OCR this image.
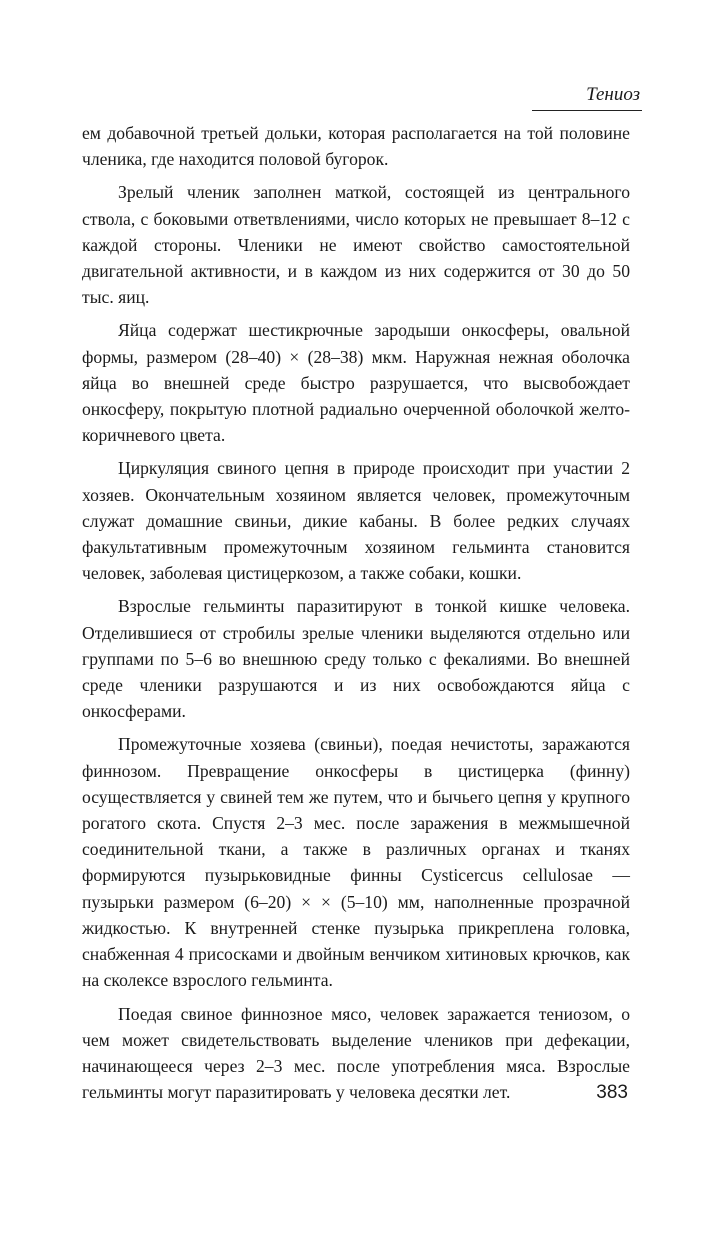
Тениоз

ем добавочной третьей дольки, которая располагается на той половине членика, где находится половой бугорок.

Зрелый членик заполнен маткой, состоящей из центрального ствола, с боковыми ответвлениями, число которых не превышает 8–12 с каждой стороны. Членики не имеют свойство самостоятельной двигательной активности, и в каждом из них содержится от 30 до 50 тыс. яиц.

Яйца содержат шестикрючные зародыши онкосферы, овальной формы, размером (28–40) × (28–38) мкм. Наружная нежная оболочка яйца во внешней среде быстро разрушается, что высвобождает онкосферу, покрытую плотной радиально очерченной оболочкой желто-коричневого цвета.

Циркуляция свиного цепня в природе происходит при участии 2 хозяев. Окончательным хозяином является человек, промежуточным служат домашние свиньи, дикие кабаны. В более редких случаях факультативным промежуточным хозяином гельминта становится человек, заболевая цистицеркозом, а также собаки, кошки.

Взрослые гельминты паразитируют в тонкой кишке человека. Отделившиеся от стробилы зрелые членики выделяются отдельно или группами по 5–6 во внешнюю среду только с фекалиями. Во внешней среде членики разрушаются и из них освобождаются яйца с онкосферами.

Промежуточные хозяева (свиньи), поедая нечистоты, заражаются финнозом. Превращение онкосферы в цистицерка (финну) осуществляется у свиней тем же путем, что и бычьего цепня у крупного рогатого скота. Спустя 2–3 мес. после заражения в межмышечной соединительной ткани, а также в различных органах и тканях формируются пузырьковидные финны Cysticercus cellulosae — пузырьки размером (6–20) × × (5–10) мм, наполненные прозрачной жидкостью. К внутренней стенке пузырька прикреплена головка, снабженная 4 присосками и двойным венчиком хитиновых крючков, как на сколексе взрослого гельминта.

Поедая свиное финнозное мясо, человек заражается тениозом, о чем может свидетельствовать выделение члеников при дефекации, начинающееся через 2–3 мес. после употребления мяса. Взрослые гельминты могут паразитировать у человека десятки лет.	383
